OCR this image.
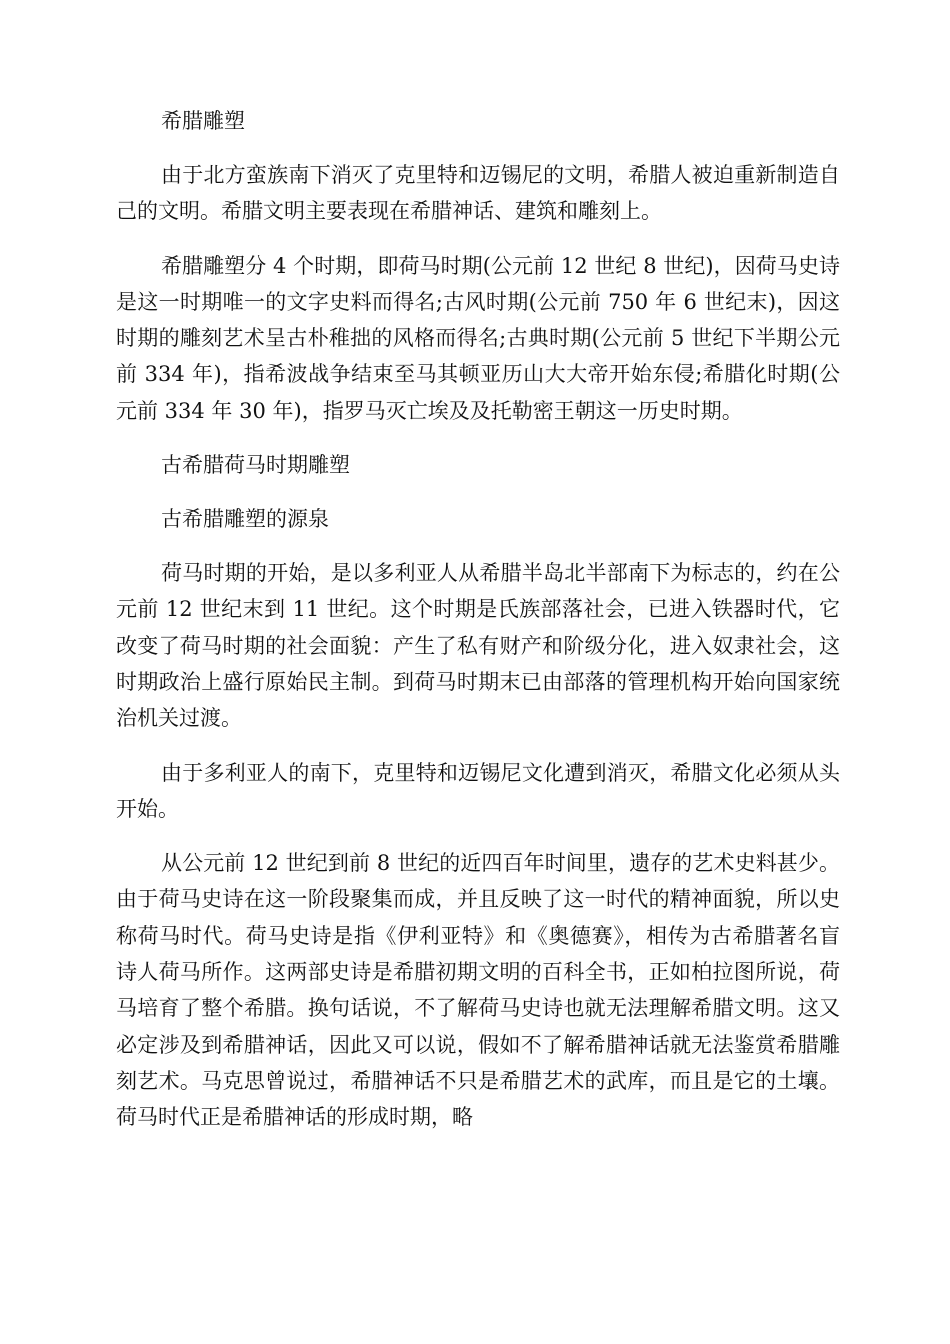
希腊雕塑

由于北方蛮族南下消灭了克里特和迈锡尼的文明，希腊人被迫重新制造自己的文明。希腊文明主要表现在希腊神话、建筑和雕刻上。

希腊雕塑分 4 个时期，即荷马时期(公元前 12 世纪 8 世纪)，因荷马史诗是这一时期唯一的文字史料而得名;古风时期(公元前 750 年 6 世纪末)，因这时期的雕刻艺术呈古朴稚拙的风格而得名;古典时期(公元前 5 世纪下半期公元前 334 年)，指希波战争结束至马其顿亚历山大大帝开始东侵;希腊化时期(公元前 334 年 30 年)，指罗马灭亡埃及及托勒密王朝这一历史时期。

古希腊荷马时期雕塑
古希腊雕塑的源泉

荷马时期的开始，是以多利亚人从希腊半岛北半部南下为标志的，约在公元前 12 世纪末到 11 世纪。这个时期是氏族部落社会，已进入铁器时代，它改变了荷马时期的社会面貌：产生了私有财产和阶级分化，进入奴隶社会，这时期政治上盛行原始民主制。到荷马时期末已由部落的管理机构开始向国家统治机关过渡。

由于多利亚人的南下，克里特和迈锡尼文化遭到消灭，希腊文化必须从头开始。

从公元前 12 世纪到前 8 世纪的近四百年时间里，遗存的艺术史料甚少。由于荷马史诗在这一阶段聚集而成，并且反映了这一时代的精神面貌，所以史称荷马时代。荷马史诗是指《伊利亚特》和《奥德赛》，相传为古希腊著名盲诗人荷马所作。这两部史诗是希腊初期文明的百科全书，正如柏拉图所说，荷马培育了整个希腊。换句话说，不了解荷马史诗也就无法理解希腊文明。这又必定涉及到希腊神话，因此又可以说，假如不了解希腊神话就无法鉴赏希腊雕刻艺术。马克思曾说过，希腊神话不只是希腊艺术的武库，而且是它的土壤。荷马时代正是希腊神话的形成时期，略
